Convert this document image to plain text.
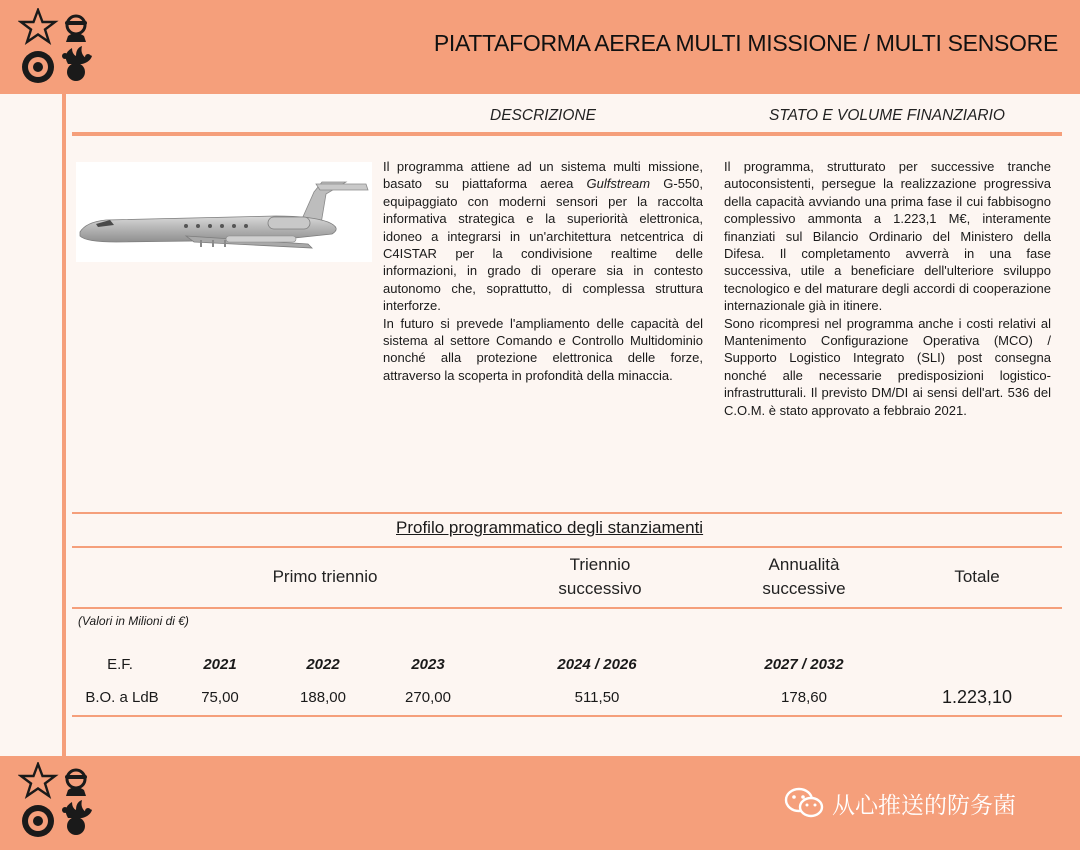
PIATTAFORMA AEREA MULTI MISSIONE / MULTI SENSORE
DESCRIZIONE	STATO E VOLUME FINANZIARIO

Il programma attiene ad un sistema multi missione, basato su piattaforma aerea Gulfstream G-550, equipaggiato con moderni sensori per la raccolta informativa strategica e la superiorità elettronica, idoneo a integrarsi in un'architettura netcentrica di C4ISTAR per la condivisione realtime delle informazioni, in grado di operare sia in contesto autonomo che, soprattutto, di complessa struttura interforze.

In futuro si prevede l'ampliamento delle capacità del sistema al settore Comando e Controllo Multidominio nonché alla protezione elettronica delle forze, attraverso la scoperta in profondità della minaccia.

Il programma, strutturato per successive tranche autoconsistenti, persegue la realizzazione progressiva della capacità avviando una prima fase il cui fabbisogno complessivo ammonta a 1.223,1 M€, interamente finanziati sul Bilancio Ordinario del Ministero della Difesa. Il completamento avverrà in una fase successiva, utile a beneficiare dell'ulteriore sviluppo tecnologico e del maturare degli accordi di cooperazione internazionale già in itinere.

Sono ricompresi nel programma anche i costi relativi al Mantenimento Configurazione Operativa (MCO) / Supporto Logistico Integrato (SLI) post consegna nonché alle necessarie predisposizioni logistico-infrastrutturali. Il previsto DM/DI ai sensi dell'art. 536 del C.O.M. è stato approvato a febbraio 2021.

Profilo programmatico degli stanziamenti
Primo triennio
Triennio
successivo
Annualità
successive
Totale
(Valori in Milioni di €)
E.F.	2021	2022	2023	2024 / 2026	2027 / 2032
B.O. a LdB	75,00	188,00	270,00	511,50	178,60	1.223,10
从心推送的防务菌
